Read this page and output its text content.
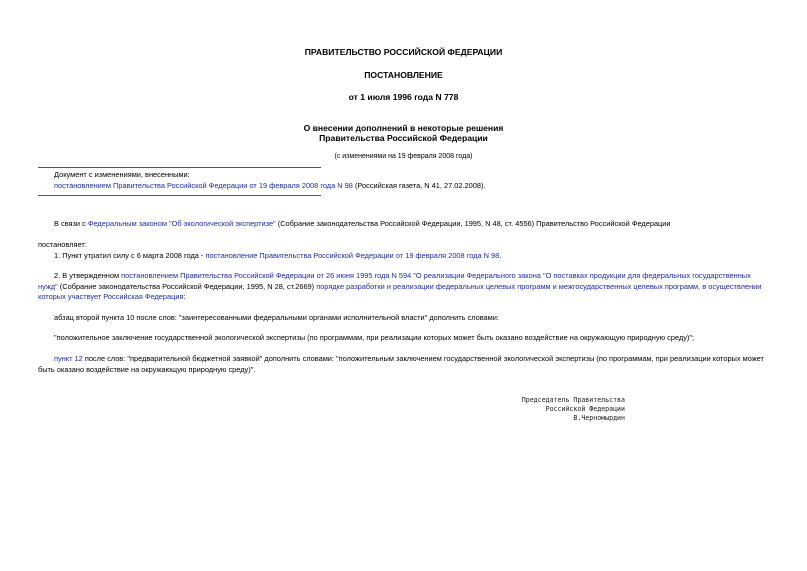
ПРАВИТЕЛЬСТВО РОССИЙСКОЙ ФЕДЕРАЦИИ
ПОСТАНОВЛЕНИЕ
от 1 июля 1996 года N 778
О внесении дополнений в некоторые решения
Правительства Российской Федерации
(с изменениями на 19 февраля 2008 года)

Документ с изменениями, внесенными:

постановлением Правительства Российской Федерации от 19 февраля 2008 года N 98 (Российская газета, N 41, 27.02.2008).

В связи с Федеральным законом "Об экологической экспертизе" (Собрание законодательства Российской Федерации, 1995, N 48, ст. 4556) Правительство Российской Федерации
постановляет:
1. Пункт утратил силу с 6 марта 2008 года - постановление Правительства Российской Федерации от 19 февраля 2008 года N 98.
2. В утвержденном постановлением Правительства Российской Федерации от 26 июня 1995 года N 594 "О реализации Федерального закона "О поставках продукции для федеральных государственных нужд" (Собрание законодательства Российской Федерации, 1995, N 28, ст.2669) порядке разработки и реализации федеральных целевых программ и межгосударственных целевых программ, в осуществлении которых участвует Российская Федерация:
абзац второй пункта 10 после слов: "заинтересованными федеральными органами исполнительной власти" дополнить словами:
"положительное заключение государственной экологической экспертизы (по программам, при реализации которых может быть оказано воздействие на окружающую природную среду)";
пункт 12 после слов: "предварительной бюджетной заявкой" дополнить словами: "положительным заключением государственной экологической экспертизы (по программам, при реализации которых может быть оказано воздействие на окружающую природную среду)".
Председатель Правительства
Российской Федерации
В.Черномырдин
